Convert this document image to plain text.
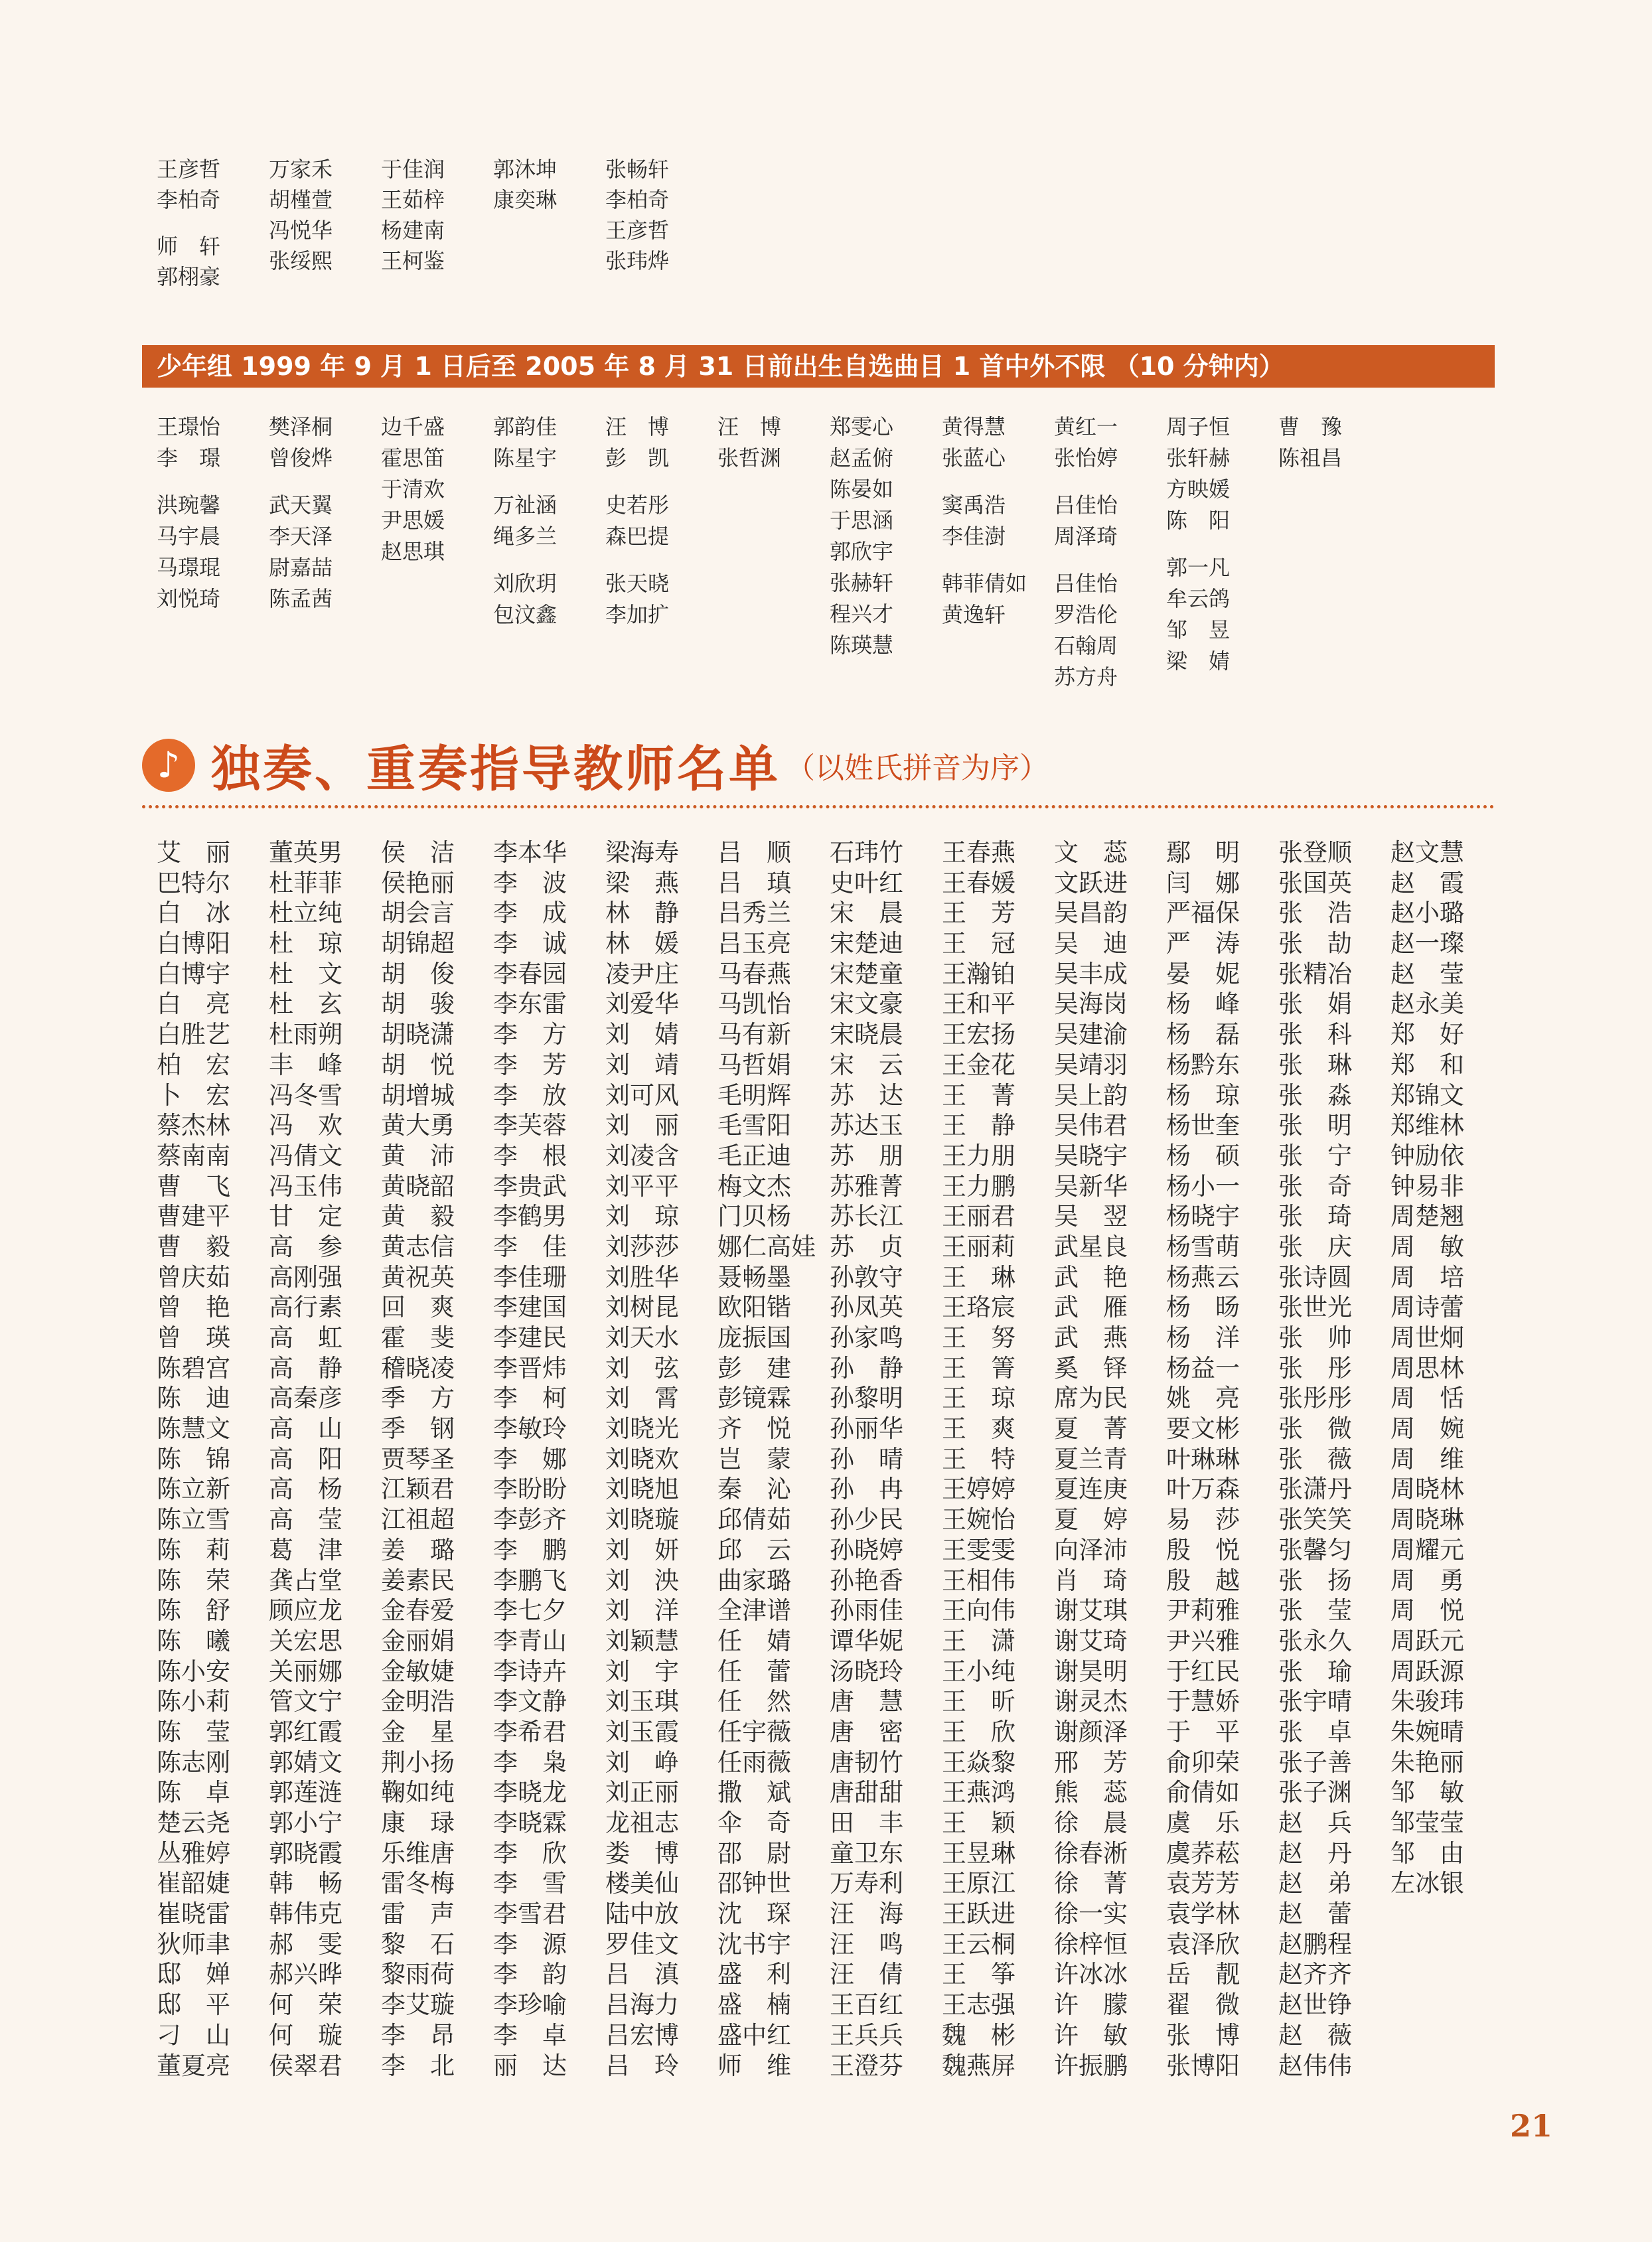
王彦哲
李柏奇
师　轩
郭栩豪
万家禾
胡槿萱
冯悦华
张绥熙
于佳润
王茹梓
杨建南
王柯鉴
郭沐坤
康奕琳
张畅轩
李柏奇
王彦哲
张玮烨
少年组 1999 年 9 月 1 日后至 2005 年 8 月 31 日前出生自选曲目 1 首中外不限 （10 分钟内）
王璟怡
李　璟
洪琬馨
马宇晨
马璟琨
刘悦琦
樊泽桐
曾俊烨
武天翼
李天泽
尉嘉喆
陈孟茜
边千盛
霍思笛
于清欢
尹思媛
赵思琪
郭韵佳
陈星宇
万祉涵
绳多兰
刘欣玥
包汶鑫
汪　博
彭　凯
史若彤
森巴提
张天晓
李加扩
汪　博
张哲渊
郑雯心
赵孟俯
陈晏如
于思涵
郭欣宇
张赫轩
程兴才
陈瑛慧
黄得慧
张蓝心
窦禹浩
李佳澍
韩菲倩如
黄逸轩
黄红一
张怡婷
吕佳怡
周泽琦
吕佳怡
罗浩伦
石翰周
苏方舟
周子恒
张轩赫
方映媛
陈　阳
郭一凡
牟云鸽
邹　昱
梁　婧
曹　豫
陈祖昌
♪ 独奏、重奏指导教师名单 （以姓氏拼音为序）
艾　丽
巴特尔
白　冰
白博阳
白博宇
白　亮
白胜艺
柏　宏
卜　宏
蔡杰林
蔡南南
曹　飞
曹建平
曹　毅
曾庆茹
曾　艳
曾　瑛
陈碧宫
陈　迪
陈慧文
陈　锦
陈立新
陈立雪
陈　莉
陈　荣
陈　舒
陈　曦
陈小安
陈小莉
陈　莹
陈志刚
陈　卓
楚云尧
丛雅婷
崔韶婕
崔晓雷
狄师聿
邸　婵
邸　平
刁　山
董夏亮
董英男
杜菲菲
杜立纯
杜　琼
杜　文
杜　玄
杜雨朔
丰　峰
冯冬雪
冯　欢
冯倩文
冯玉伟
甘　定
高　参
高刚强
高行素
高　虹
高　静
高秦彦
高　山
高　阳
高　杨
高　莹
葛　津
龚占堂
顾应龙
关宏思
关丽娜
管文宁
郭红霞
郭婧文
郭莲涟
郭小宁
郭晓霞
韩　畅
韩伟克
郝　雯
郝兴晔
何　荣
何　璇
侯翠君
侯　洁
侯艳丽
胡会言
胡锦超
胡　俊
胡　骏
胡晓潇
胡　悦
胡增城
黄大勇
黄　沛
黄晓韶
黄　毅
黄志信
黄祝英
回　爽
霍　斐
稽晓凌
季　方
季　钢
贾琴圣
江颖君
江祖超
姜　璐
姜素民
金春爱
金丽娟
金敏婕
金明浩
金　星
荆小扬
鞠如纯
康　琭
乐维唐
雷冬梅
雷　声
黎　石
黎雨荷
李艾璇
李　昂
李　北
李本华
李　波
李　成
李　诚
李春园
李东雷
李　方
李　芳
李　放
李芙蓉
李　根
李贵武
李鹤男
李　佳
李佳珊
李建国
李建民
李晋炜
李　柯
李敏玲
李　娜
李盼盼
李彭齐
李　鹏
李鹏飞
李七夕
李青山
李诗卉
李文静
李希君
李　枭
李晓龙
李晓霖
李　欣
李　雪
李雪君
李　源
李　韵
李珍喻
李　卓
丽　达
梁海寿
梁　燕
林　静
林　媛
凌尹庄
刘爱华
刘　婧
刘　靖
刘可风
刘　丽
刘凌含
刘平平
刘　琼
刘莎莎
刘胜华
刘树昆
刘天水
刘　弦
刘　霄
刘晓光
刘晓欢
刘晓旭
刘晓璇
刘　妍
刘　泱
刘　洋
刘颖慧
刘　宇
刘玉琪
刘玉霞
刘　峥
刘正丽
龙祖志
娄　博
楼美仙
陆中放
罗佳文
吕　滇
吕海力
吕宏博
吕　玲
吕　顺
吕　瑱
吕秀兰
吕玉亮
马春燕
马凯怡
马有新
马哲娟
毛明辉
毛雪阳
毛正迪
梅文杰
门贝杨
娜仁高娃
聂畅墨
欧阳锴
庞振国
彭　建
彭镜霖
齐　悦
岂　蒙
秦　沁
邱倩茹
邱　云
曲家璐
全津谱
任　婧
任　蕾
任　然
任宇薇
任雨薇
撒　斌
伞　奇
邵　尉
邵钟世
沈　琛
沈书宇
盛　利
盛　楠
盛中红
师　维
石玮竹
史叶红
宋　晨
宋楚迪
宋楚童
宋文豪
宋晓晨
宋　云
苏　达
苏达玉
苏　朋
苏雅菁
苏长江
苏　贞
孙敦守
孙凤英
孙家鸣
孙　静
孙黎明
孙丽华
孙　晴
孙　冉
孙少民
孙晓婷
孙艳香
孙雨佳
谭华妮
汤晓玲
唐　慧
唐　密
唐韧竹
唐甜甜
田　丰
童卫东
万寿利
汪　海
汪　鸣
汪　倩
王百红
王兵兵
王澄芬
王春燕
王春媛
王　芳
王　冠
王瀚铂
王和平
王宏扬
王金花
王　菁
王　静
王力朋
王力鹏
王丽君
王丽莉
王　琳
王珞宸
王　努
王　箐
王　琼
王　爽
王　特
王婷婷
王婉怡
王雯雯
王相伟
王向伟
王　潇
王小纯
王　昕
王　欣
王焱黎
王燕鸿
王　颖
王昱琳
王原江
王跃进
王云桐
王　筝
王志强
魏　彬
魏燕屏
文　蕊
文跃进
吴昌韵
吴　迪
吴丰成
吴海岗
吴建渝
吴靖羽
吴上韵
吴伟君
吴晓宇
吴新华
吴　翌
武星良
武　艳
武　雁
武　燕
奚　铎
席为民
夏　菁
夏兰青
夏连庚
夏　婷
向泽沛
肖　琦
谢艾琪
谢艾琦
谢昊明
谢灵杰
谢颜泽
邢　芳
熊　蕊
徐　晨
徐春淅
徐　菁
徐一实
徐梓恒
许冰冰
许　朦
许　敏
许振鹏
鄢　明
闫　娜
严福保
严　涛
晏　妮
杨　峰
杨　磊
杨黔东
杨　琼
杨世奎
杨　硕
杨小一
杨晓宇
杨雪萌
杨燕云
杨　旸
杨　洋
杨益一
姚　亮
要文彬
叶琳琳
叶万森
易　莎
殷　悦
殷　越
尹莉雅
尹兴雅
于红民
于慧娇
于　平
俞卯荣
俞倩如
虞　乐
虞荞菘
袁芳芳
袁学林
袁泽欣
岳　靓
翟　微
张　博
张博阳
张登顺
张国英
张　浩
张　劼
张精冶
张　娟
张　科
张　琳
张　淼
张　明
张　宁
张　奇
张　琦
张　庆
张诗圆
张世光
张　帅
张　彤
张彤彤
张　微
张　薇
张潇丹
张笑笑
张馨匀
张　扬
张　莹
张永久
张　瑜
张宇晴
张　卓
张子善
张子渊
赵　兵
赵　丹
赵　弟
赵　蕾
赵鹏程
赵齐齐
赵世铮
赵　薇
赵伟伟
赵文慧
赵　霞
赵小璐
赵一璨
赵　莹
赵永美
郑　好
郑　和
郑锦文
郑维林
钟励依
钟易非
周楚翘
周　敏
周　培
周诗蕾
周世炯
周思林
周　恬
周　婉
周　维
周晓林
周晓琳
周耀元
周　勇
周　悦
周跃元
周跃源
朱骏玮
朱婉晴
朱艳丽
邹　敏
邹莹莹
邹　由
左冰银
21
